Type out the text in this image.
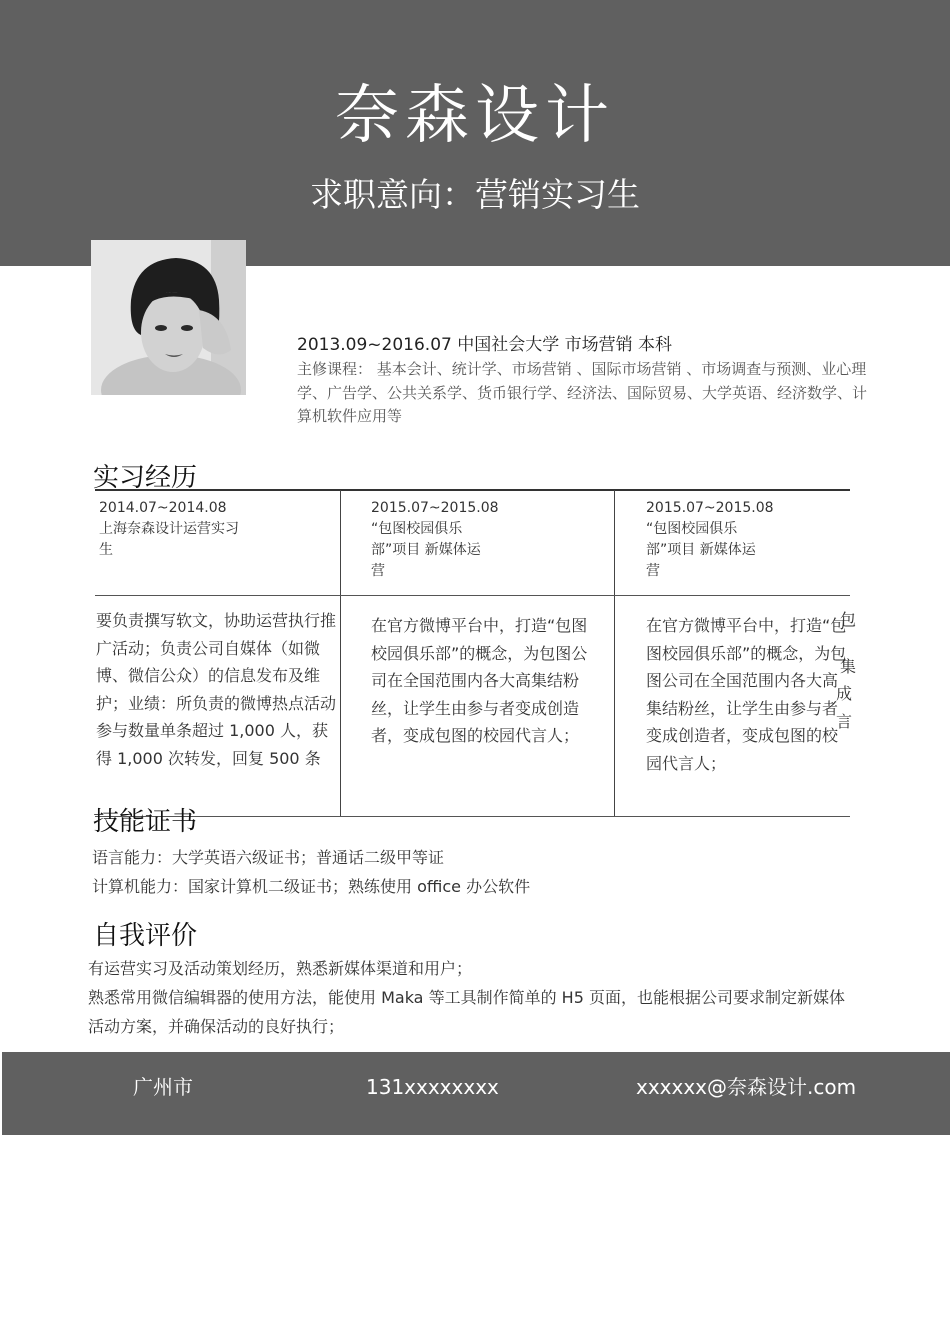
奈森设计
求职意向：营销实习生
2013.09~2016.07 中国社会大学 市场营销 本科
主修课程： 基本会计、统计学、市场营销 、国际市场营销 、市场调查与预测、业心理学、广告学、公共关系学、货币银行学、经济法、国际贸易、大学英语、经济数学、计算机软件应用等
实习经历
2014.07~2014.08
上海奈森设计运营实习
生
2015.07~2015.08
“包图校园俱乐
部”项目 新媒体运
营
2015.07~2015.08
“包图校园俱乐
部”项目 新媒体运
营
要负责撰写软文，协助运营执行推广活动；负责公司自媒体（如微博、微信公众）的信息发布及维护；业绩：所负责的微博热点活动参与数量单条超过 1,000 人，获得 1,000 次转发，回复 500 条
在官方微博平台中，打造“包图校园俱乐部”的概念，为包图公司在全国范围内各大高集结粉丝，让学生由参与者变成创造者，变成包图的校园代言人；
在官方微博平台中，打造“包图校园俱乐部”的概念，为包图公司在全国范围内各大高集结粉丝，让学生由参与者变成创造者，变成包图的校园代言人；
包
集
成
言
技能证书
语言能力：大学英语六级证书；普通话二级甲等证
计算机能力：国家计算机二级证书；熟练使用 office 办公软件
自我评价
有运营实习及活动策划经历，熟悉新媒体渠道和用户；
熟悉常用微信编辑器的使用方法，能使用 Maka 等工具制作简单的 H5 页面，也能根据公司要求制定新媒体活动方案，并确保活动的良好执行；
广州市	131xxxxxxxx	xxxxxx@奈森设计.com
